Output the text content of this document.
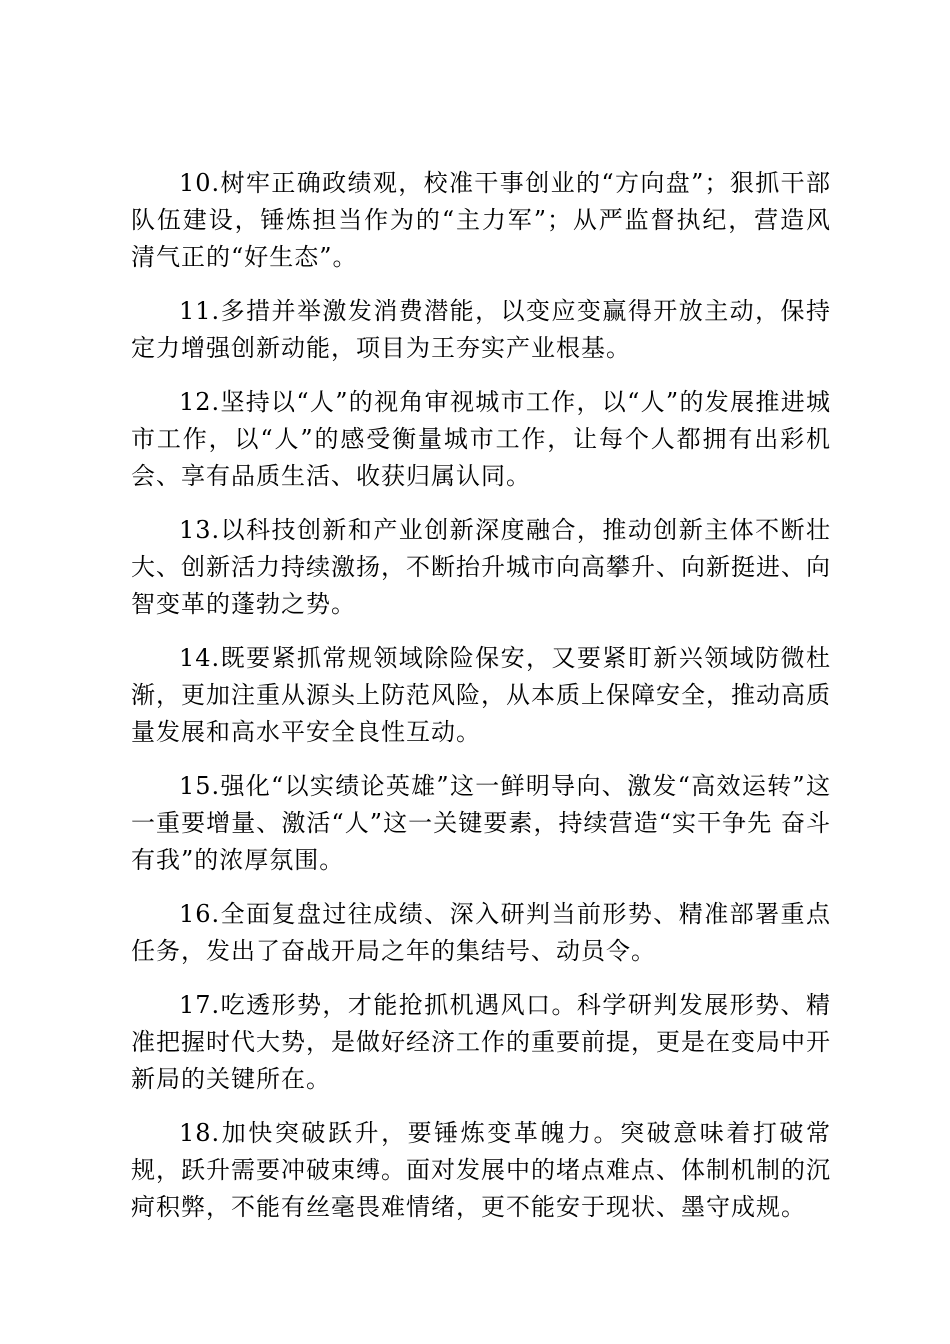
10.树牢正确政绩观，校准干事创业的“方向盘”；狠抓干部队伍建设，锤炼担当作为的“主力军”；从严监督执纪，营造风清气正的“好生态”。

11.多措并举激发消费潜能，以变应变赢得开放主动，保持定力增强创新动能，项目为王夯实产业根基。

12.坚持以“人”的视角审视城市工作，以“人”的发展推进城市工作，以“人”的感受衡量城市工作，让每个人都拥有出彩机会、享有品质生活、收获归属认同。

13.以科技创新和产业创新深度融合，推动创新主体不断壮大、创新活力持续激扬，不断抬升城市向高攀升、向新挺进、向智变革的蓬勃之势。

14.既要紧抓常规领域除险保安，又要紧盯新兴领域防微杜渐，更加注重从源头上防范风险，从本质上保障安全，推动高质量发展和高水平安全良性互动。

15.强化“以实绩论英雄”这一鲜明导向、激发“高效运转”这一重要增量、激活“人”这一关键要素，持续营造“实干争先 奋斗有我”的浓厚氛围。

16.全面复盘过往成绩、深入研判当前形势、精准部署重点任务，发出了奋战开局之年的集结号、动员令。

17.吃透形势，才能抢抓机遇风口。科学研判发展形势、精准把握时代大势，是做好经济工作的重要前提，更是在变局中开新局的关键所在。

18.加快突破跃升，要锤炼变革魄力。突破意味着打破常规，跃升需要冲破束缚。面对发展中的堵点难点、体制机制的沉疴积弊，不能有丝毫畏难情绪，更不能安于现状、墨守成规。
